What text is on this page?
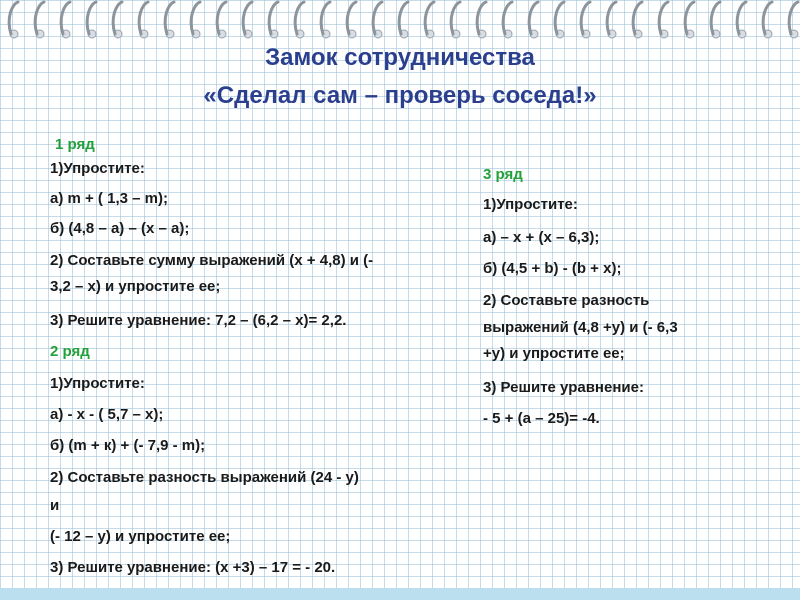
Замок сотрудничества
«Сделал сам – проверь соседа!»
1 ряд
1)Упростите:
а) m + ( 1,3 – m);
б) (4,8 – a) – (x – a);
2) Составьте сумму выражений (х + 4,8) и (-
3,2 – х) и упростите ее;
3) Решите уравнение: 7,2 – (6,2 – х)= 2,2.
2 ряд
1)Упростите:
а) - х - ( 5,7 – х);
б) (m + к) + (- 7,9 - m);
2) Составьте разность выражений (24 - у)
и
(- 12 – у) и упростите ее;
3) Решите уравнение: (х +3) – 17 = - 20.
3 ряд
1)Упростите:
а) – х + (х – 6,3);
б) (4,5 + b) - (b + x);
2) Составьте разность
выражений (4,8 +у) и (- 6,3
+у) и упростите ее;
3) Решите уравнение:
- 5 + (а – 25)= -4.
